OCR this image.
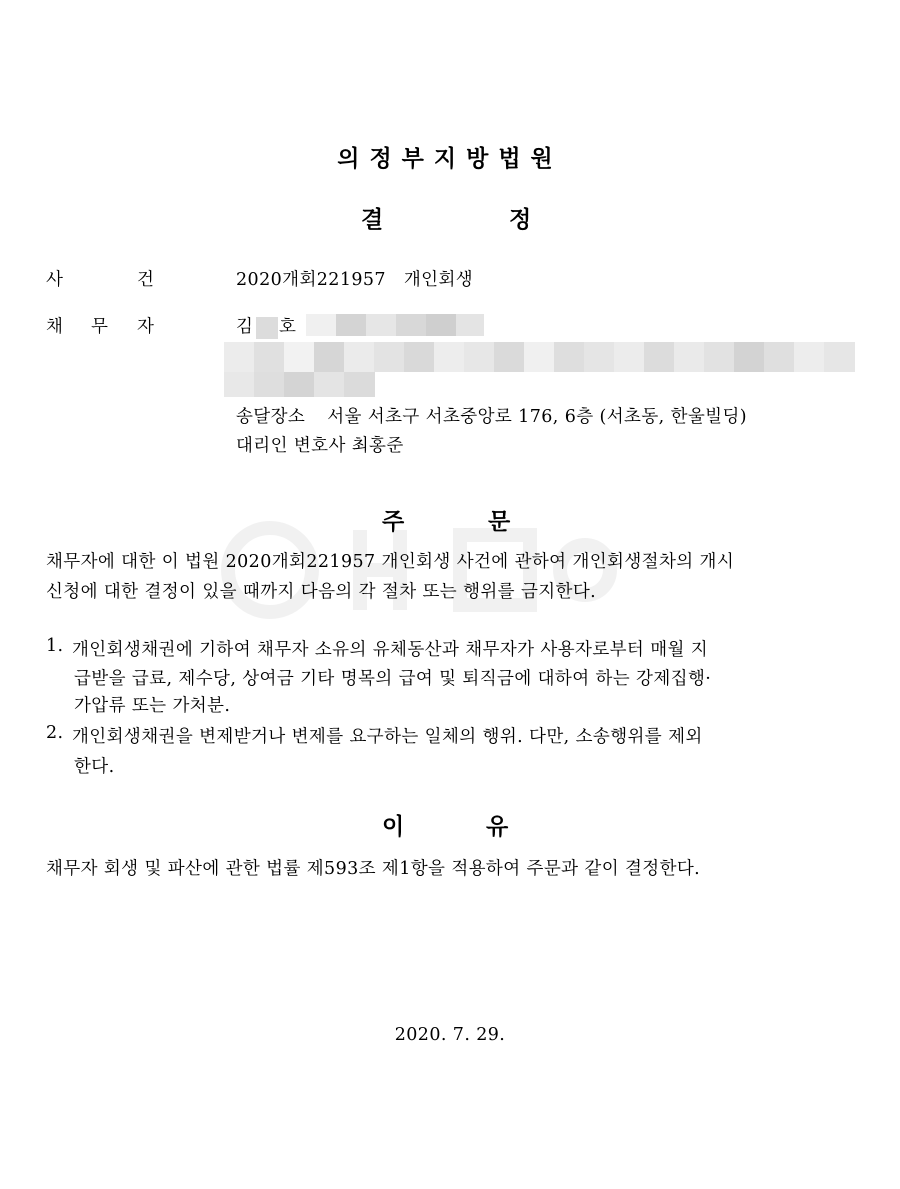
의정부지방법원
결	정
사	건	2020개회221957   개인회생
채 무 자	김 호
송달장소 서울 서초구 서초중앙로 176, 6층 (서초동, 한울빌딩)
대리인 변호사 최홍준
주	문
채무자에 대한 이 법원 2020개회221957 개인회생 사건에 관하여 개인회생절차의 개시
신청에 대한 결정이 있을 때까지 다음의 각 절차 또는 행위를 금지한다.
1. 개인회생채권에 기하여 채무자 소유의 유체동산과 채무자가 사용자로부터 매월 지
급받을 급료, 제수당, 상여금 기타 명목의 급여 및 퇴직금에 대하여 하는 강제집행·
가압류 또는 가처분.
2. 개인회생채권을 변제받거나 변제를 요구하는 일체의 행위. 다만, 소송행위를 제외
한다.
이	유
채무자 회생 및 파산에 관한 법률 제593조 제1항을 적용하여 주문과 같이 결정한다.
2020. 7. 29.
